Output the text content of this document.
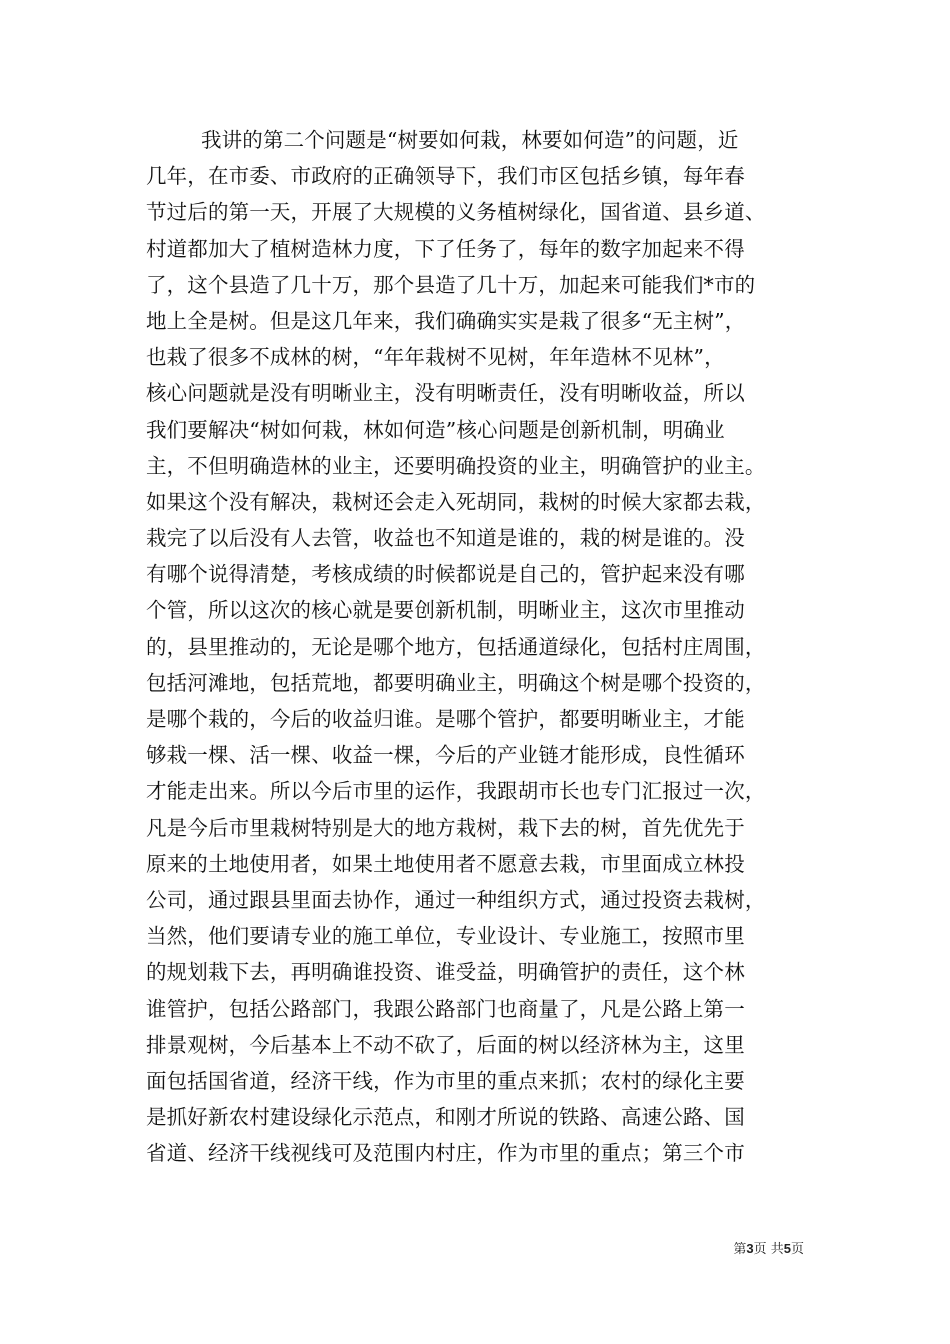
我讲的第二个问题是“树要如何栽，林要如何造”的问题，近
几年，在市委、市政府的正确领导下，我们市区包括乡镇，每年春
节过后的第一天，开展了大规模的义务植树绿化，国省道、县乡道、
村道都加大了植树造林力度，下了任务了，每年的数字加起来不得
了，这个县造了几十万，那个县造了几十万，加起来可能我们*市的
地上全是树。但是这几年来，我们确确实实是栽了很多“无主树”，
也栽了很多不成林的树，“年年栽树不见树，年年造林不见林”，
核心问题就是没有明晰业主，没有明晰责任，没有明晰收益，所以
我们要解决“树如何栽，林如何造”核心问题是创新机制，明确业
主，不但明确造林的业主，还要明确投资的业主，明确管护的业主。
如果这个没有解决，栽树还会走入死胡同，栽树的时候大家都去栽，
栽完了以后没有人去管，收益也不知道是谁的，栽的树是谁的。没
有哪个说得清楚，考核成绩的时候都说是自己的，管护起来没有哪
个管，所以这次的核心就是要创新机制，明晰业主，这次市里推动
的，县里推动的，无论是哪个地方，包括通道绿化，包括村庄周围，
包括河滩地，包括荒地，都要明确业主，明确这个树是哪个投资的，
是哪个栽的，今后的收益归谁。是哪个管护，都要明晰业主，才能
够栽一棵、活一棵、收益一棵，今后的产业链才能形成，良性循环
才能走出来。所以今后市里的运作，我跟胡市长也专门汇报过一次，
凡是今后市里栽树特别是大的地方栽树，栽下去的树，首先优先于
原来的土地使用者，如果土地使用者不愿意去栽，市里面成立林投
公司，通过跟县里面去协作，通过一种组织方式，通过投资去栽树，
当然，他们要请专业的施工单位，专业设计、专业施工，按照市里
的规划栽下去，再明确谁投资、谁受益，明确管护的责任，这个林
谁管护，包括公路部门，我跟公路部门也商量了，凡是公路上第一
排景观树，今后基本上不动不砍了，后面的树以经济林为主，这里
面包括国省道，经济干线，作为市里的重点来抓；农村的绿化主要
是抓好新农村建设绿化示范点，和刚才所说的铁路、高速公路、国
省道、经济干线视线可及范围内村庄，作为市里的重点；第三个市
第3页 共5页
